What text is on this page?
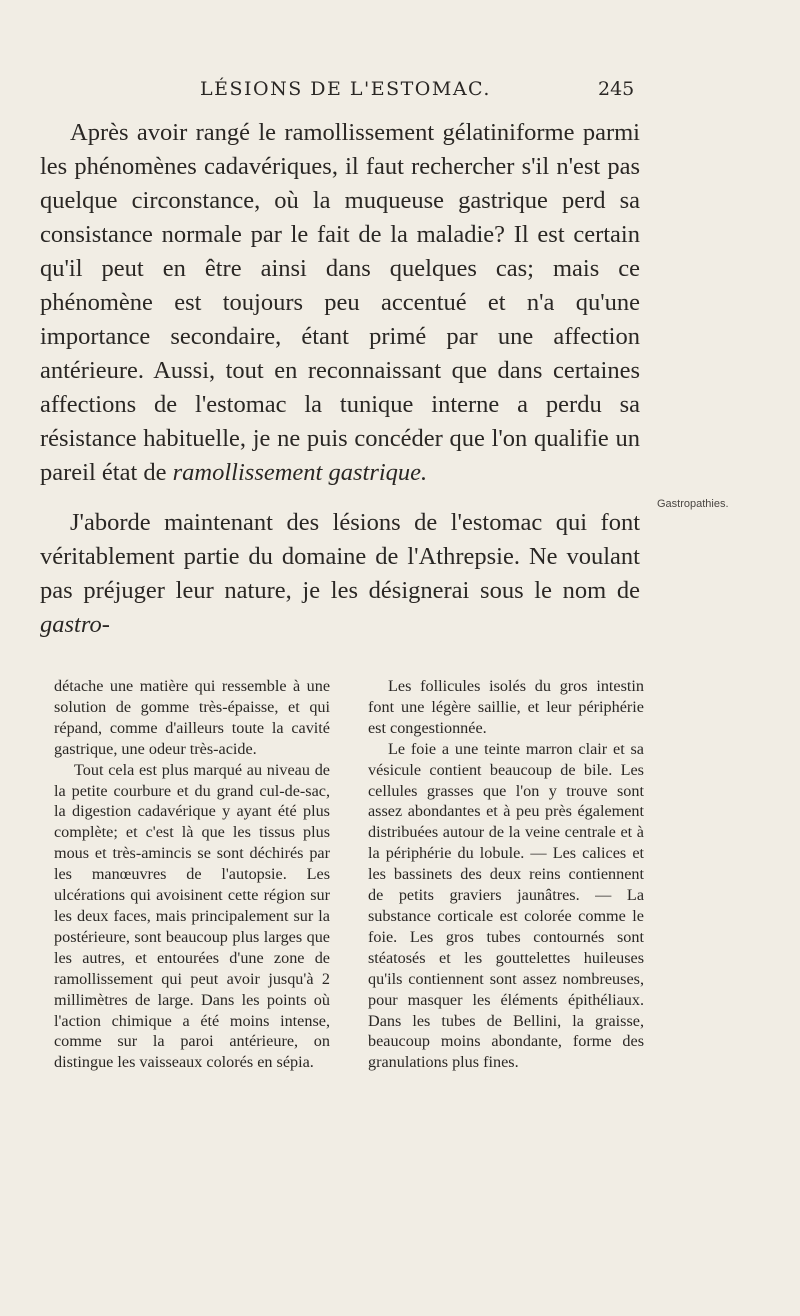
LÉSIONS DE L'ESTOMAC.	245

Après avoir rangé le ramollissement gélatiniforme parmi les phénomènes cadavériques, il faut rechercher s'il n'est pas quelque circonstance, où la muqueuse gastrique perd sa consistance normale par le fait de la maladie? Il est certain qu'il peut en être ainsi dans quelques cas; mais ce phénomène est toujours peu accentué et n'a qu'une importance secondaire, étant primé par une affection antérieure. Aussi, tout en reconnaissant que dans certaines affections de l'estomac la tunique interne a perdu sa résistance habituelle, je ne puis concéder que l'on qualifie un pareil état de ramollissement gastrique.

J'aborde maintenant des lésions de l'estomac qui font véritablement partie du domaine de l'Athrepsie. Ne voulant pas préjuger leur nature, je les désignerai sous le nom de gastro-

Gastropathies.

détache une matière qui ressemble à une solution de gomme très-épaisse, et qui répand, comme d'ailleurs toute la cavité gastrique, une odeur très-acide.

Tout cela est plus marqué au niveau de la petite courbure et du grand cul-de-sac, la digestion cadavérique y ayant été plus complète; et c'est là que les tissus plus mous et très-amincis se sont déchirés par les manœuvres de l'autopsie. Les ulcérations qui avoisinent cette région sur les deux faces, mais principalement sur la postérieure, sont beaucoup plus larges que les autres, et entourées d'une zone de ramollissement qui peut avoir jusqu'à 2 millimètres de large. Dans les points où l'action chimique a été moins intense, comme sur la paroi antérieure, on distingue les vaisseaux colorés en sépia.

Les follicules isolés du gros intestin font une légère saillie, et leur périphérie est congestionnée.

Le foie a une teinte marron clair et sa vésicule contient beaucoup de bile. Les cellules grasses que l'on y trouve sont assez abondantes et à peu près également distribuées autour de la veine centrale et à la périphérie du lobule. — Les calices et les bassinets des deux reins contiennent de petits graviers jaunâtres. — La substance corticale est colorée comme le foie. Les gros tubes contournés sont stéatosés et les gouttelettes huileuses qu'ils contiennent sont assez nombreuses, pour masquer les éléments épithéliaux. Dans les tubes de Bellini, la graisse, beaucoup moins abondante, forme des granulations plus fines.
